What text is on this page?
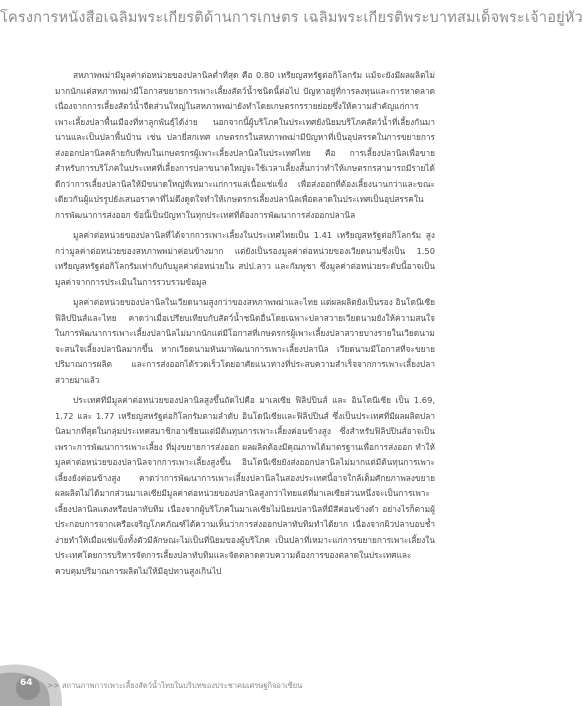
โครงการหนังสือเฉลิมพระเกียรติด้านการเกษตร เฉลิมพระเกียรติพระบาทสมเด็จพระเจ้าอยู่หัว

สหภาพพม่ามีมูลค่าต่อหน่วยของปลานิลต่ำที่สุด คือ 0.80 เหรียญสหรัฐต่อกิโลกรัม แม้จะยังมีผลผลิตไม่มากนักแต่สหภาพพม่ามีโอกาสขยายการเพาะเลี้ยงสัตว์น้ำชนิดนี้ต่อไป ปัญหาอยู่ที่การลงทุนและการหาตลาด เนื่องจากการเลี้ยงสัตว์น้ำจืดส่วนใหญ่ในสหภาพพม่ายังทำโดยเกษตรกรรายย่อยซึ่งให้ความสำคัญแก่การเพาะเลี้ยงปลาพื้นเมืองที่หาลูกพันธุ์ได้ง่าย นอกจากนี้ผู้บริโภคในประเทศยังนิยมบริโภคสัตว์น้ำที่เลี้ยงกันมานานและเป็นปลาพื้นบ้าน เช่น ปลายี่สกเทศ เกษตรกรในสหภาพพม่ามีปัญหาที่เป็นอุปสรรคในการขยายการส่งออกปลานิลคล้ายกับที่พบในเกษตรกรผู้เพาะเลี้ยงปลานิลในประเทศไทย คือ การเลี้ยงปลานิลเพื่อขายสำหรับการบริโภคในประเทศที่เลี้ยงการปลาขนาดใหญ่จะใช้เวลาเลี้ยงสั้นกว่าทำให้เกษตรกรสามารถมีรายได้ดีกว่าการเลี้ยงปลานิลให้มีขนาดใหญ่ที่เหมาะแก่การแล่เนื้อแช่แข็ง เพื่อส่งออกที่ต้องเลี้ยงนานกว่าและขณะเดียวกันผู้แปรรูปยังเสนอราคาที่ไม่ดึงดูดใจทำให้เกษตรกรเลี้ยงปลานิลเพื่อตลาดในประเทศเป็นอุปสรรคในการพัฒนาการส่งออก ข้อนี้เป็นปัญหาในทุกประเทศที่ต้องการพัฒนาการส่งออกปลานิล

มูลค่าต่อหน่วยของปลานิลที่ได้จากการเพาะเลี้ยงในประเทศไทยเป็น 1.41 เหรียญสหรัฐต่อกิโลกรัม สูงกว่ามูลค่าต่อหน่วยของสหภาพพม่าค่อนข้างมาก แต่ยังเป็นรองมูลค่าต่อหน่วยของเวียดนามซึ่งเป็น 1.50 เหรียญสหรัฐต่อกิโลกรัมเท่ากับกับมูลค่าต่อหน่วยใน สปป.ลาว และกัมพูชา ซึ่งมูลค่าต่อหน่วยระดับนี้อาจเป็นมูลค่าจากการประเมินในการรวบรวมข้อมูล

มูลค่าต่อหน่วยของปลานิลในเวียดนามสูงกว่าของสหภาพพม่าและไทย แต่ผลผลิตยังเป็นรอง อินโดนีเซีย ฟิลิปปินส์และไทย คาดว่าเมื่อเปรียบเทียบกับสัตว์น้ำชนิดอื่นโดยเฉพาะปลาสวายเวียดนามยังให้ความสนใจในการพัฒนาการเพาะเลี้ยงปลานิลไม่มากนักแต่มีโอกาสที่เกษตรกรผู้เพาะเลี้ยงปลาสวายบางรายในเวียดนามจะสนใจเลี้ยงปลานิลมากขึ้น หากเวียดนามหันมาพัฒนาการเพาะเลี้ยงปลานิล เวียดนามมีโอกาสที่จะขยายปริมาณการผลิต และการส่งออกได้รวดเร็วโดยอาศัยแนวทางที่ประสบความสำเร็จจากการเพาะเลี้ยงปลาสวายมาแล้ว

ประเทศที่มีมูลค่าต่อหน่วยของปลานิลสูงขึ้นถัดไปคือ มาเลเซีย ฟิลิปปินส์ และ อินโดนีเซีย เป็น 1.69, 1.72 และ 1.77 เหรียญสหรัฐต่อกิโลกรัมตามลำดับ อินโดนีเซียและฟิลิปปินส์ ซึ่งเป็นประเทศที่มีผลผลิตปลานิลมากที่สุดในกลุ่มประเทศสมาชิกอาเซียนแต่มีต้นทุนการเพาะเลี้ยงค่อนข้างสูง ซึ่งสำหรับฟิลิปปินส์อาจเป็นเพราะการพัฒนาการเพาะเลี้ยง ที่มุ่งขยายการส่งออก ผลผลิตต้องมีคุณภาพได้มาตรฐานเพื่อการส่งออก ทำให้มูลค่าต่อหน่วยของปลานิลจากการเพาะเลี้ยงสูงขึ้น อินโดนีเซียยังส่งออกปลานิลไม่มากแต่มีต้นทุนการเพาะเลี้ยงยังค่อนข้างสูง คาดว่าการพัฒนาการเพาะเลี้ยงปลานิลในสองประเทศนี้อาจใกล้เต็มศักยภาพลงขยายผลผลิตไม่ได้มากส่วนมาเลเซียมีมูลค่าต่อหน่วยของปลานิลสูงกว่าไทยแต่ที่มาเลเซียส่วนหนึ่งจะเป็นการเพาะเลี้ยงปลานิลแดงหรือปลาทับทิม เนื่องจากผู้บริโภคในมาเลเซียไม่นิยมปลานิลที่มีสีค่อนข้างดำ อย่างไรก็ตามผู้ประกอบการจากเครือเจริญโภคภัณฑ์ได้ความเห็นว่าการส่งออกปลาทับทิมทำได้ยาก เนื่องจากผิวปลาบอบช้ำง่ายทำให้เมื่อแช่แข็งทั้งตัวมีลักษณะไม่เป็นที่นิยมของผู้บริโภค เป็นปลาที่เหมาะแก่การขยายการเพาะเลี้ยงในประเทศโดยการบริหารจัดการเลี้ยงปลาทับทิมและจัดตลาดควบความต้องการของตลาดในประเทศและควบคุมปริมาณการผลิตไม่ให้มีอุปทานสูงเกินไป

64 >> สถานภาพการเพาะเลี้ยงสัตว์น้ำไทยในบริบทของประชาคมเศรษฐกิจอาเซียน
